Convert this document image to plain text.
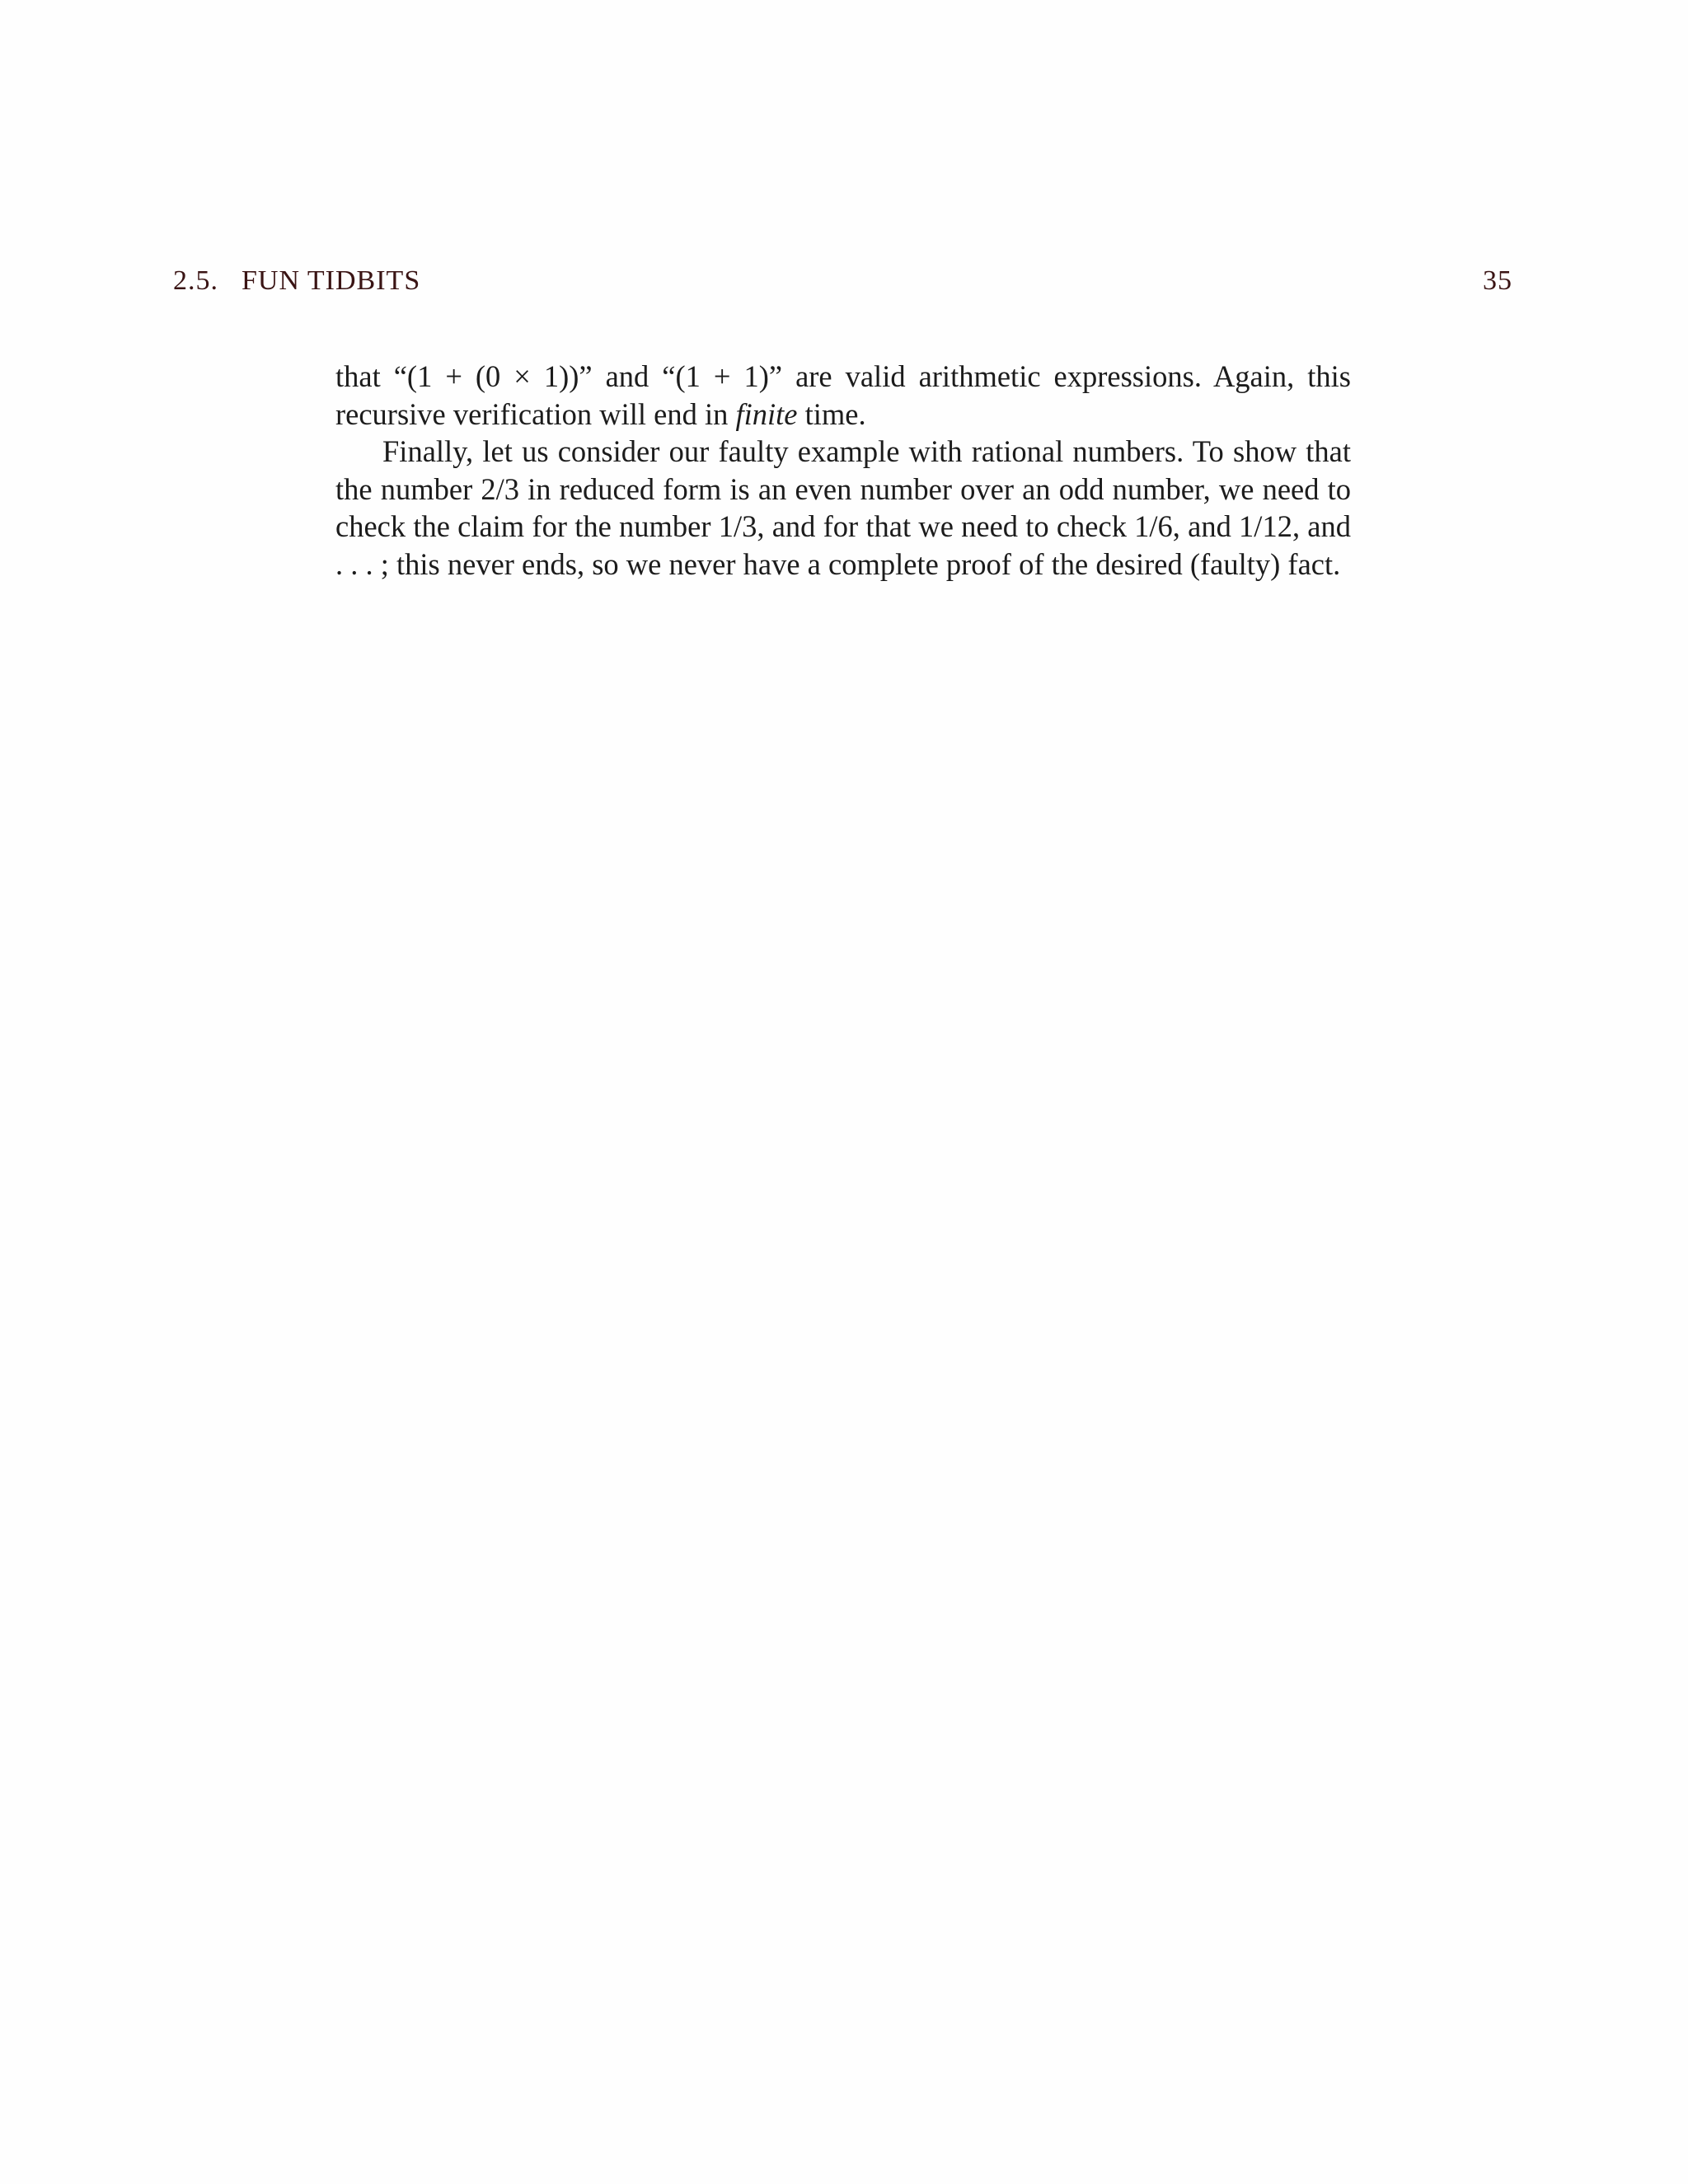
2.5. FUN TIDBITS	35

that “(1 + (0 × 1))” and “(1 + 1)” are valid arithmetic expressions. Again, this recursive verification will end in finite time.

Finally, let us consider our faulty example with rational numbers. To show that the number 2/3 in reduced form is an even number over an odd number, we need to check the claim for the number 1/3, and for that we need to check 1/6, and 1/12, and . . . ; this never ends, so we never have a complete proof of the desired (faulty) fact.
